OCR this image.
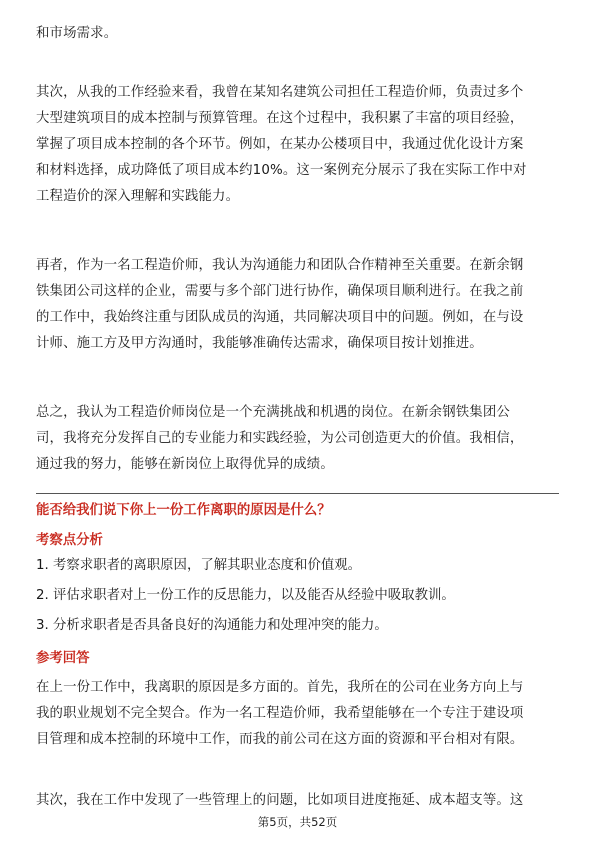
和市场需求。
其次，从我的工作经验来看，我曾在某知名建筑公司担任工程造价师，负责过多个
大型建筑项目的成本控制与预算管理。在这个过程中，我积累了丰富的项目经验，
掌握了项目成本控制的各个环节。例如，在某办公楼项目中，我通过优化设计方案
和材料选择，成功降低了项目成本约10%。这一案例充分展示了我在实际工作中对
工程造价的深入理解和实践能力。
再者，作为一名工程造价师，我认为沟通能力和团队合作精神至关重要。在新余钢
铁集团公司这样的企业，需要与多个部门进行协作，确保项目顺利进行。在我之前
的工作中，我始终注重与团队成员的沟通，共同解决项目中的问题。例如，在与设
计师、施工方及甲方沟通时，我能够准确传达需求，确保项目按计划推进。
总之，我认为工程造价师岗位是一个充满挑战和机遇的岗位。在新余钢铁集团公
司，我将充分发挥自己的专业能力和实践经验，为公司创造更大的价值。我相信，
通过我的努力，能够在新岗位上取得优异的成绩。
能否给我们说下你上一份工作离职的原因是什么？
考察点分析
1. 考察求职者的离职原因，了解其职业态度和价值观。
2. 评估求职者对上一份工作的反思能力，以及能否从经验中吸取教训。
3. 分析求职者是否具备良好的沟通能力和处理冲突的能力。
参考回答
在上一份工作中，我离职的原因是多方面的。首先，我所在的公司在业务方向上与
我的职业规划不完全契合。作为一名工程造价师，我希望能够在一个专注于建设项
目管理和成本控制的环境中工作，而我的前公司在这方面的资源和平台相对有限。
其次，我在工作中发现了一些管理上的问题，比如项目进度拖延、成本超支等。这
第5页，共52页
